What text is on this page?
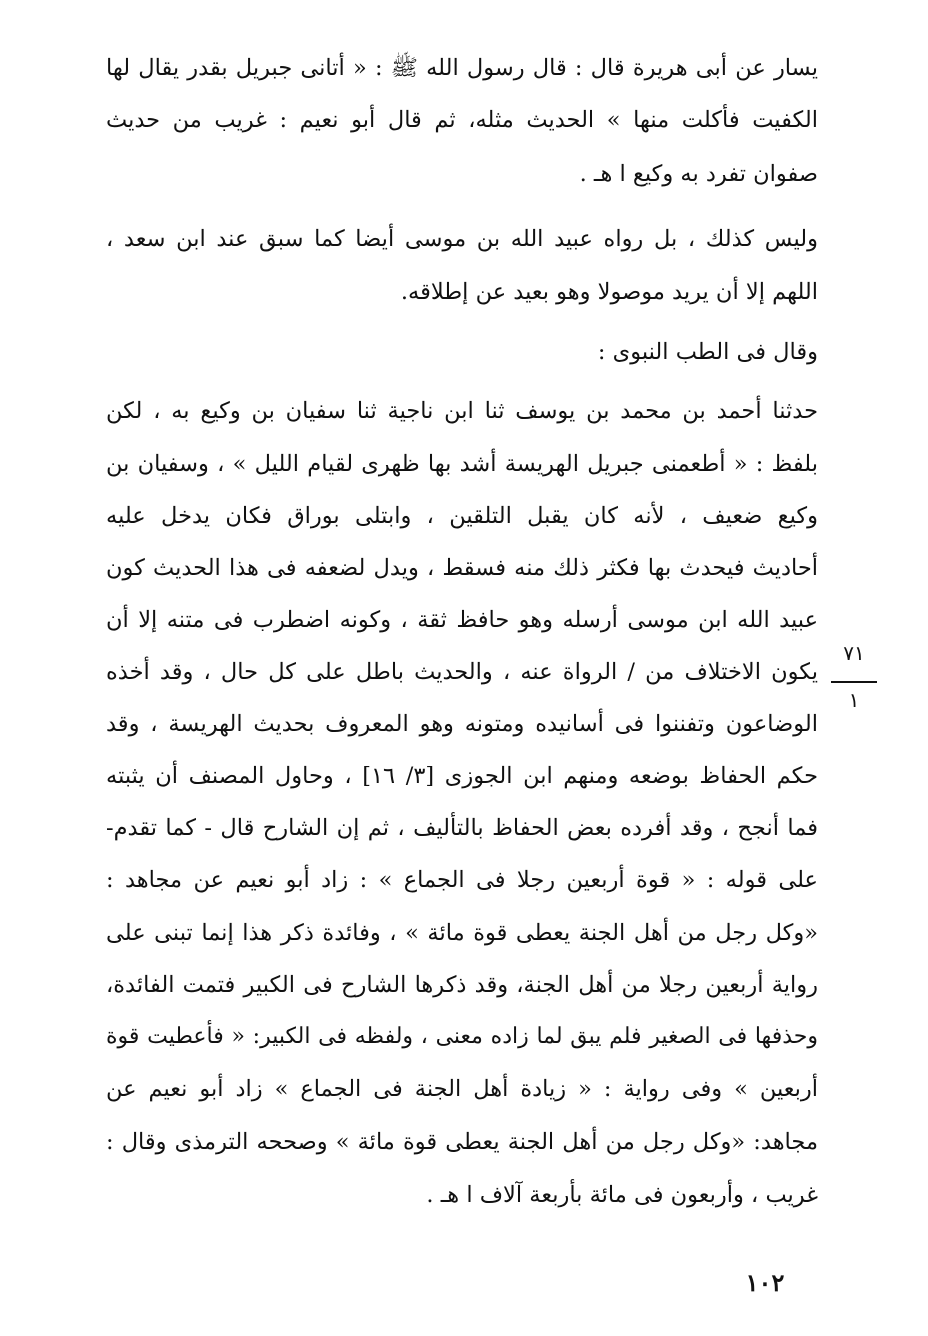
يسار عن أبى هريرة قال : قال رسول الله ﷺ : « أتانى جبريل بقدر يقال لها
الكفيت فأكلت منها » الحديث مثله، ثم قال أبو نعيم : غريب من حديث
صفوان تفرد به وكيع ا هـ .
وليس كذلك ، بل رواه عبيد الله بن موسى أيضا كما سبق عند ابن سعد ،
اللهم إلا أن يريد موصولا وهو بعيد عن إطلاقه.
وقال فى الطب النبوى :
حدثنا أحمد بن محمد بن يوسف ثنا ابن ناجية ثنا سفيان بن وكيع به ، لكن
بلفظ : « أطعمنى جبريل الهريسة أشد بها ظهرى لقيام الليل » ، وسفيان بن
وكيع ضعيف ، لأنه كان يقبل التلقين ، وابتلى بوراق فكان يدخل عليه
أحاديث فيحدث بها فكثر ذلك منه فسقط ، ويدل لضعفه فى هذا الحديث كون
عبيد الله ابن موسى أرسله وهو حافظ ثقة ، وكونه اضطرب فى متنه إلا أن
يكون الاختلاف من / الرواة عنه ، والحديث باطل على كل حال ، وقد أخذه
الوضاعون وتفننوا فى أسانيده ومتونه وهو المعروف بحديث الهريسة ، وقد
حكم الحفاظ بوضعه ومنهم ابن الجوزى [٣/ ١٦] ، وحاول المصنف أن يثبته
فما أنجح ، وقد أفرده بعض الحفاظ بالتأليف ، ثم إن الشارح قال - كما تقدم-
على قوله : « قوة أربعين رجلا فى الجماع » : زاد أبو نعيم عن مجاهد :
«وكل رجل من أهل الجنة يعطى قوة مائة » ، وفائدة ذكر هذا إنما تبنى على
رواية أربعين رجلا من أهل الجنة، وقد ذكرها الشارح فى الكبير فتمت الفائدة،
وحذفها فى الصغير فلم يبق لما زاده معنى ، ولفظه فى الكبير: « فأعطيت قوة
أربعين » وفى رواية : « زيادة أهل الجنة فى الجماع » زاد أبو نعيم عن
مجاهد: «وكل رجل من أهل الجنة يعطى قوة مائة » وصححه الترمذى وقال :
غريب ، وأربعون فى مائة بأربعة آلاف ا هـ .
٧١
١
١٠٢
